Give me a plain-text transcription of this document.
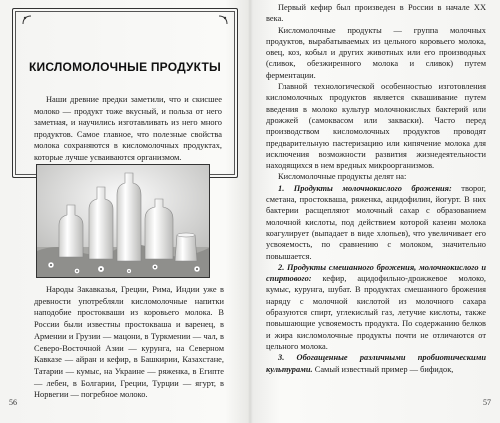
КИСЛОМОЛОЧНЫЕ ПРОДУКТЫ

Наши древние предки заметили, что и скисшее молоко — продукт тоже вкусный, и польза от него заметная, и научились изготавливать из него много продуктов. Самое главное, что полезные свойства молока сохраняются в кисломолочных продуктах, которые лучше усваиваются организмом.

Народы Закавказья, Греции, Рима, Индии уже в древности употребляли кисломолочные напитки наподобие простокваши из коровьего молока. В России были известны простокваша и варенец, в Армении и Грузии — мацони, в Туркмении — чал, в Северо-Восточной Азии — курунга, на Северном Кавказе — айран и кефир, в Башкирии, Казахстане, Татарии — кумыс, на Украине — ряженка, в Египте — лебен, в Болгарии, Греции, Турции — ягурт, в Норвегии — погребное молоко.

56

Первый кефир был произведен в России в начале XX века.

Кисломолочные продукты — группа молочных продуктов, вырабатываемых из цельного коровьего молока, овец, коз, кобыл и других животных или его производных (сливок, обезжиренного молока и сливок) путем ферментации.

Главной технологической особенностью изготовления кисломолочных продуктов является сквашивание путем введения в молоко культур молочнокислых бактерий или дрожжей (самоквасом или закваски). Часто перед производством кисломолочных продуктов проводят предварительную пастеризацию или кипячение молока для исключения возможности развития жизнедеятельности находящихся в нем вредных микроорганизмов.

Кисломолочные продукты делят на:

1. Продукты молочнокислого брожения: творог, сметана, простокваша, ряженка, ацидофилин, йогурт. В них бактерии расщепляют молочный сахар с образованием молочной кислоты, под действием которой казеин молока коагулирует (выпадает в виде хлопьев), что увеличивает его усвояемость, по сравнению с молоком, значительно повышается.

2. Продукты смешанного брожения, молочнокислого и спиртового: кефир, ацидофильно-дрожжевое молоко, кумыс, курунга, шубат. В продуктах смешанного брожения наряду с молочной кислотой из молочного сахара образуются спирт, углекислый газ, летучие кислоты, также повышающие усвояемость продукта. По содержанию белков и жира кисломолочные продукты почти не отличаются от цельного молока.

3. Обогащенные различными пробиотическими культурами. Самый известный пример — бифидок,

57
